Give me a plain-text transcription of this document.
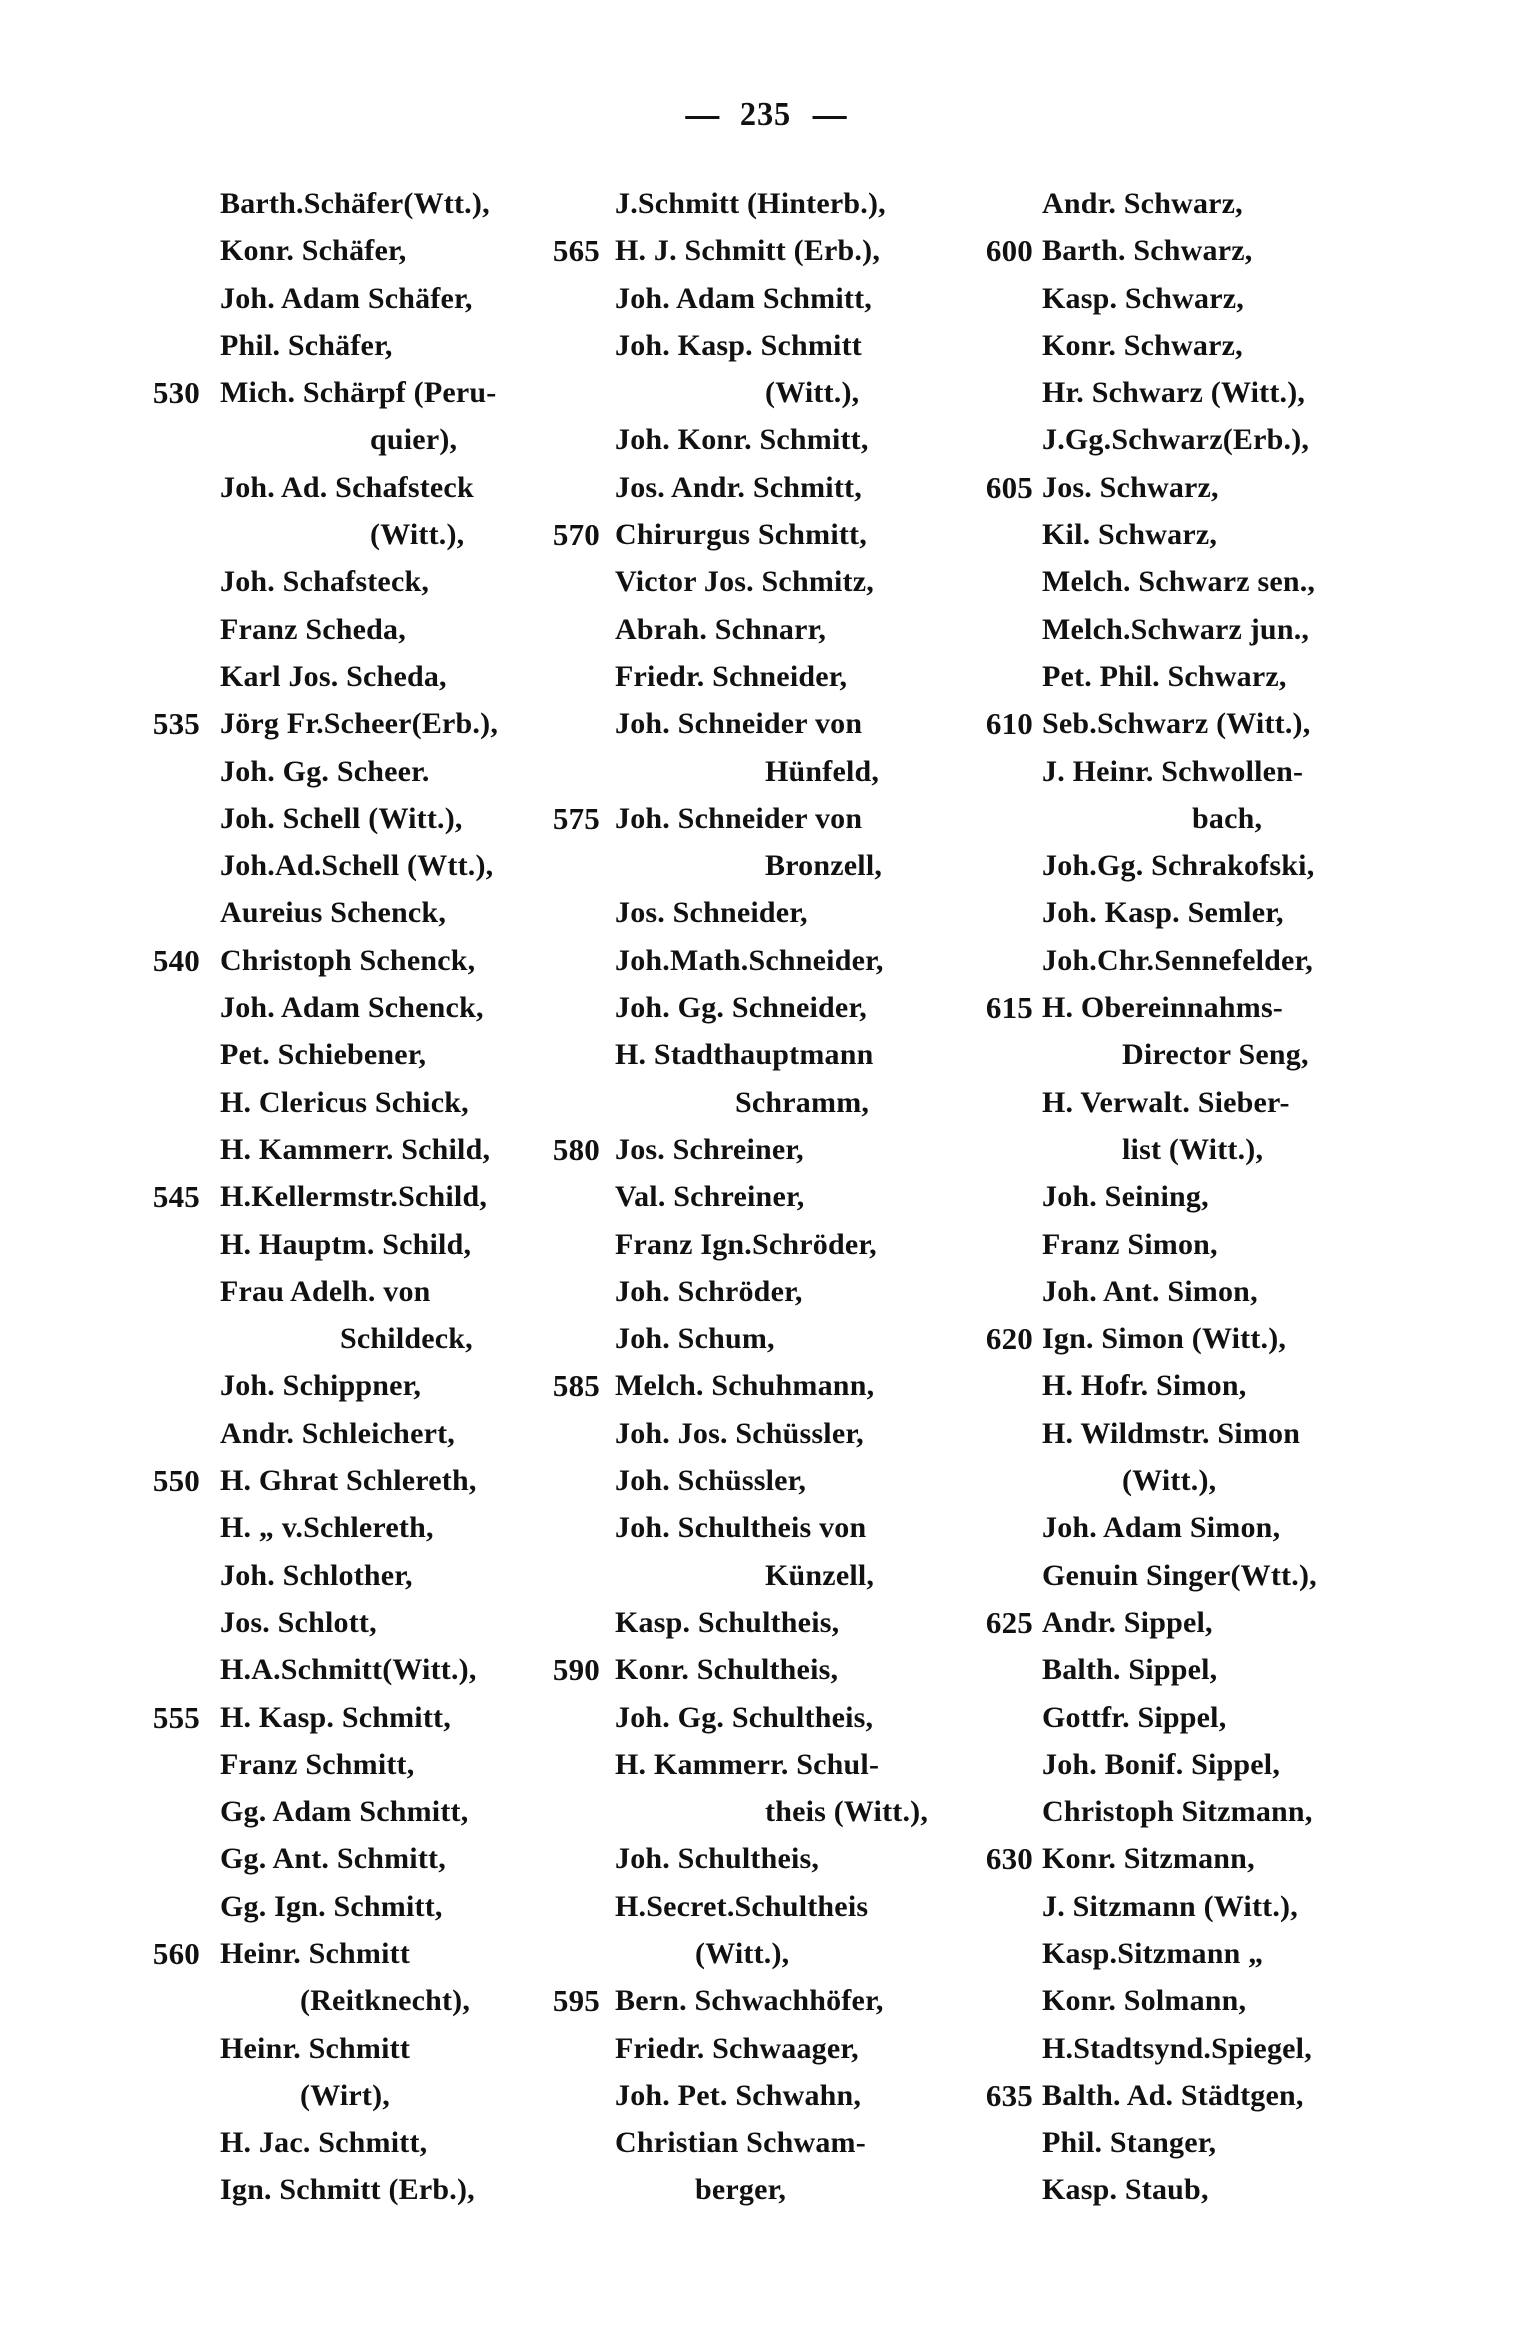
235
Barth.Schäfer(Wtt.),
Konr. Schäfer,
Joh. Adam Schäfer,
Phil. Schäfer,
530 Mich. Schärpf (Peru-
quier),
Joh. Ad. Schafsteck
(Witt.),
Joh. Schafsteck,
Franz Scheda,
Karl Jos. Scheda,
535 Jörg Fr.Scheer(Erb.),
Joh. Gg. Scheer.
Joh. Schell (Witt.),
Joh.Ad.Schell (Wtt.),
Aureius Schenck,
540 Christoph Schenck,
Joh. Adam Schenck,
Pet. Schiebener,
H. Clericus Schick,
H. Kammerr. Schild,
545 H.Kellermstr.Schild,
H. Hauptm. Schild,
Frau Adelh. von
Schildeck,
Joh. Schippner,
Andr. Schleichert,
550 H. Ghrat Schlereth,
H. „ v.Schlereth,
Joh. Schlother,
Jos. Schlott,
H.A.Schmitt(Witt.),
555 H. Kasp. Schmitt,
Franz Schmitt,
Gg. Adam Schmitt,
Gg. Ant. Schmitt,
Gg. Ign. Schmitt,
560 Heinr. Schmitt
(Reitknecht),
Heinr. Schmitt
(Wirt),
H. Jac. Schmitt,
Ign. Schmitt (Erb.),
J.Schmitt (Hinterb.),
565 H. J. Schmitt (Erb.),
Joh. Adam Schmitt,
Joh. Kasp. Schmitt
(Witt.),
Joh. Konr. Schmitt,
Jos. Andr. Schmitt,
570 Chirurgus Schmitt,
Victor Jos. Schmitz,
Abrah. Schnarr,
Friedr. Schneider,
Joh. Schneider von
Hünfeld,
575 Joh. Schneider von
Bronzell,
Jos. Schneider,
Joh.Math.Schneider,
Joh. Gg. Schneider,
H. Stadthauptmann
Schramm,
580 Jos. Schreiner,
Val. Schreiner,
Franz Ign.Schröder,
Joh. Schröder,
Joh. Schum,
585 Melch. Schuhmann,
Joh. Jos. Schüssler,
Joh. Schüssler,
Joh. Schultheis von
Künzell,
Kasp. Schultheis,
590 Konr. Schultheis,
Joh. Gg. Schultheis,
H. Kammerr. Schul-
theis (Witt.),
Joh. Schultheis,
H.Secret.Schultheis
(Witt.),
595 Bern. Schwachhöfer,
Friedr. Schwaager,
Joh. Pet. Schwahn,
Christian Schwam-
berger,
Andr. Schwarz,
600 Barth. Schwarz,
Kasp. Schwarz,
Konr. Schwarz,
Hr. Schwarz (Witt.),
J.Gg.Schwarz(Erb.),
605 Jos. Schwarz,
Kil. Schwarz,
Melch. Schwarz sen.,
Melch.Schwarz jun.,
Pet. Phil. Schwarz,
610 Seb.Schwarz (Witt.),
J. Heinr. Schwollen-
bach,
Joh.Gg. Schrakofski,
Joh. Kasp. Semler,
Joh.Chr.Sennefelder,
615 H. Obereinnahms-
Director Seng,
H. Verwalt. Sieber-
list (Witt.),
Joh. Seining,
Franz Simon,
Joh. Ant. Simon,
620 Ign. Simon (Witt.),
H. Hofr. Simon,
H. Wildmstr. Simon
(Witt.),
Joh. Adam Simon,
Genuin Singer(Wtt.),
625 Andr. Sippel,
Balth. Sippel,
Gottfr. Sippel,
Joh. Bonif. Sippel,
Christoph Sitzmann,
630 Konr. Sitzmann,
J. Sitzmann (Witt.),
Kasp.Sitzmann „
Konr. Solmann,
H.Stadtsynd.Spiegel,
635 Balth. Ad. Städtgen,
Phil. Stanger,
Kasp. Staub,
